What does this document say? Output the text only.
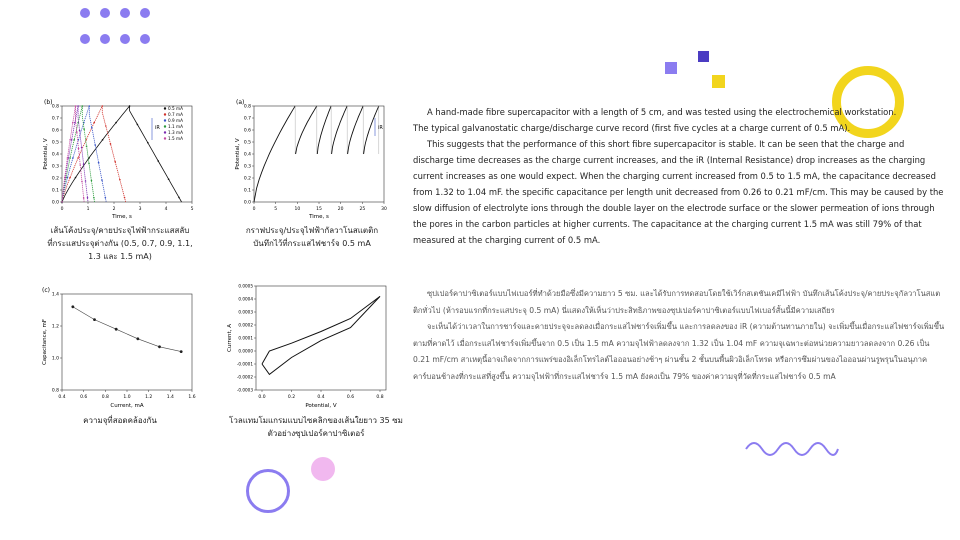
(b)
0.5 mA
0.7 mA
0.9 mA
1.1 mA
1.3 mA
1.5 mA
iR
0	1	2	3	4	5
0.0
0.1
0.2
0.3
0.4
0.5
0.6
0.7
0.8
Time, s
Potential, V
เส้นโค้งประจุ/คายประจุไฟฟ้ากระแสสลับ
ที่กระแสประจุต่างกัน (0.5, 0.7, 0.9, 1.1,
1.3 และ 1.5 mA)
(a)
iR
0	5	10	15	20	25	30
0.0
0.1
0.2
0.3
0.4
0.5
0.6
0.7
0.8
Time, s
Potential, V
กราฟประจุ/ประจุไฟฟ้ากัลวาโนสแตติก
บันทึกไว้ที่กระแสไฟชาร์จ 0.5 mA
(c)
0.4	0.6	0.8	1.0	1.2	1.4	1.6
0.8
1.0
1.2
1.4
Current, mA
Capacitance, mF
ความจุที่สอดคล้องกัน
0.0	0.2	0.4	0.6	0.8
0.0005
0.0004
0.0003
0.0002
0.0001
0.0000
-0.0001
-0.0002
-0.0003
Potential, V
Current, A
โวลแทมโมแกรมแบบไซคลิกของเส้นใยยาว 35 ซม
ตัวอย่างซุปเปอร์คาปาซิเตอร์

A hand-made fibre supercapacitor with a length of 5 cm, and was tested using the electrochemical workstation.

The typical galvanostatic charge/discharge curve record (first five cycles at a charge current of 0.5 mA).

This suggests that the performance of this short fibre supercapacitor is stable. It can be seen that the charge and discharge time decreases as the charge current increases, and the iR (Internal Resistance) drop increases as the charging current increases as one would expect. When the charging current increased from 0.5 to 1.5 mA, the capacitance decreased from 1.32 to 1.04 mF. the specific capacitance per length unit decreased from 0.26 to 0.21 mF/cm. This may be caused by the slow diffusion of electrolyte ions through the double layer on the electrode surface or the slower permeation of ions through the pores in the carbon particles at higher currents. The capacitance at the charging current 1.5 mA was still 79% of that measured at the charging current of 0.5 mA.

ซุปเปอร์คาปาซิเตอร์แบบไฟเบอร์ที่ทำด้วยมือซึ่งมีความยาว 5 ซม. และได้รับการทดสอบโดยใช้เวิร์กสเตชันเคมีไฟฟ้า บันทึกเส้นโค้งประจุ/คายประจุกัลวาโนสแตติกทั่วไป (ห้ารอบแรกที่กระแสประจุ 0.5 mA) นี่แสดงให้เห็นว่าประสิทธิภาพของซุปเปอร์คาปาซิเตอร์แบบไฟเบอร์สั้นนี้มีความเสถียร

จะเห็นได้ว่าเวลาในการชาร์จและคายประจุจะลดลงเมื่อกระแสไฟชาร์จเพิ่มขึ้น และการลดลงของ iR (ความต้านทานภายใน) จะเพิ่มขึ้นเมื่อกระแสไฟชาร์จเพิ่มขึ้นตามที่คาดไว้ เมื่อกระแสไฟชาร์จเพิ่มขึ้นจาก 0.5 เป็น 1.5 mA ความจุไฟฟ้าลดลงจาก 1.32 เป็น 1.04 mF ความจุเฉพาะต่อหน่วยความยาวลดลงจาก 0.26 เป็น 0.21 mF/cm สาเหตุนี้อาจเกิดจากการแพร่ของอิเล็กโทรไลต์ไอออนอย่างช้าๆ ผ่านชั้น 2 ชั้นบนพื้นผิวอิเล็กโทรด หรือการซึมผ่านของไอออนผ่านรูพรุนในอนุภาคคาร์บอนช้าลงที่กระแสที่สูงขึ้น ความจุไฟฟ้าที่กระแสไฟชาร์จ 1.5 mA ยังคงเป็น 79% ของค่าความจุที่วัดที่กระแสไฟชาร์จ 0.5 mA
